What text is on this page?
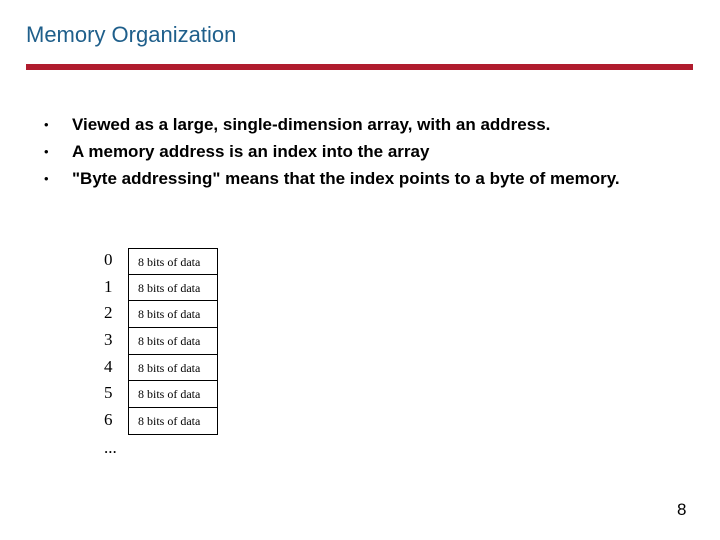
Memory Organization
• Viewed as a large, single-dimension array, with an address.
• A memory address is an index into the array
• "Byte addressing" means that the index points to a byte of memory.
0	8 bits of data
1	8 bits of data
2	8 bits of data
3	8 bits of data
4	8 bits of data
5	8 bits of data
6	8 bits of data
...
8
